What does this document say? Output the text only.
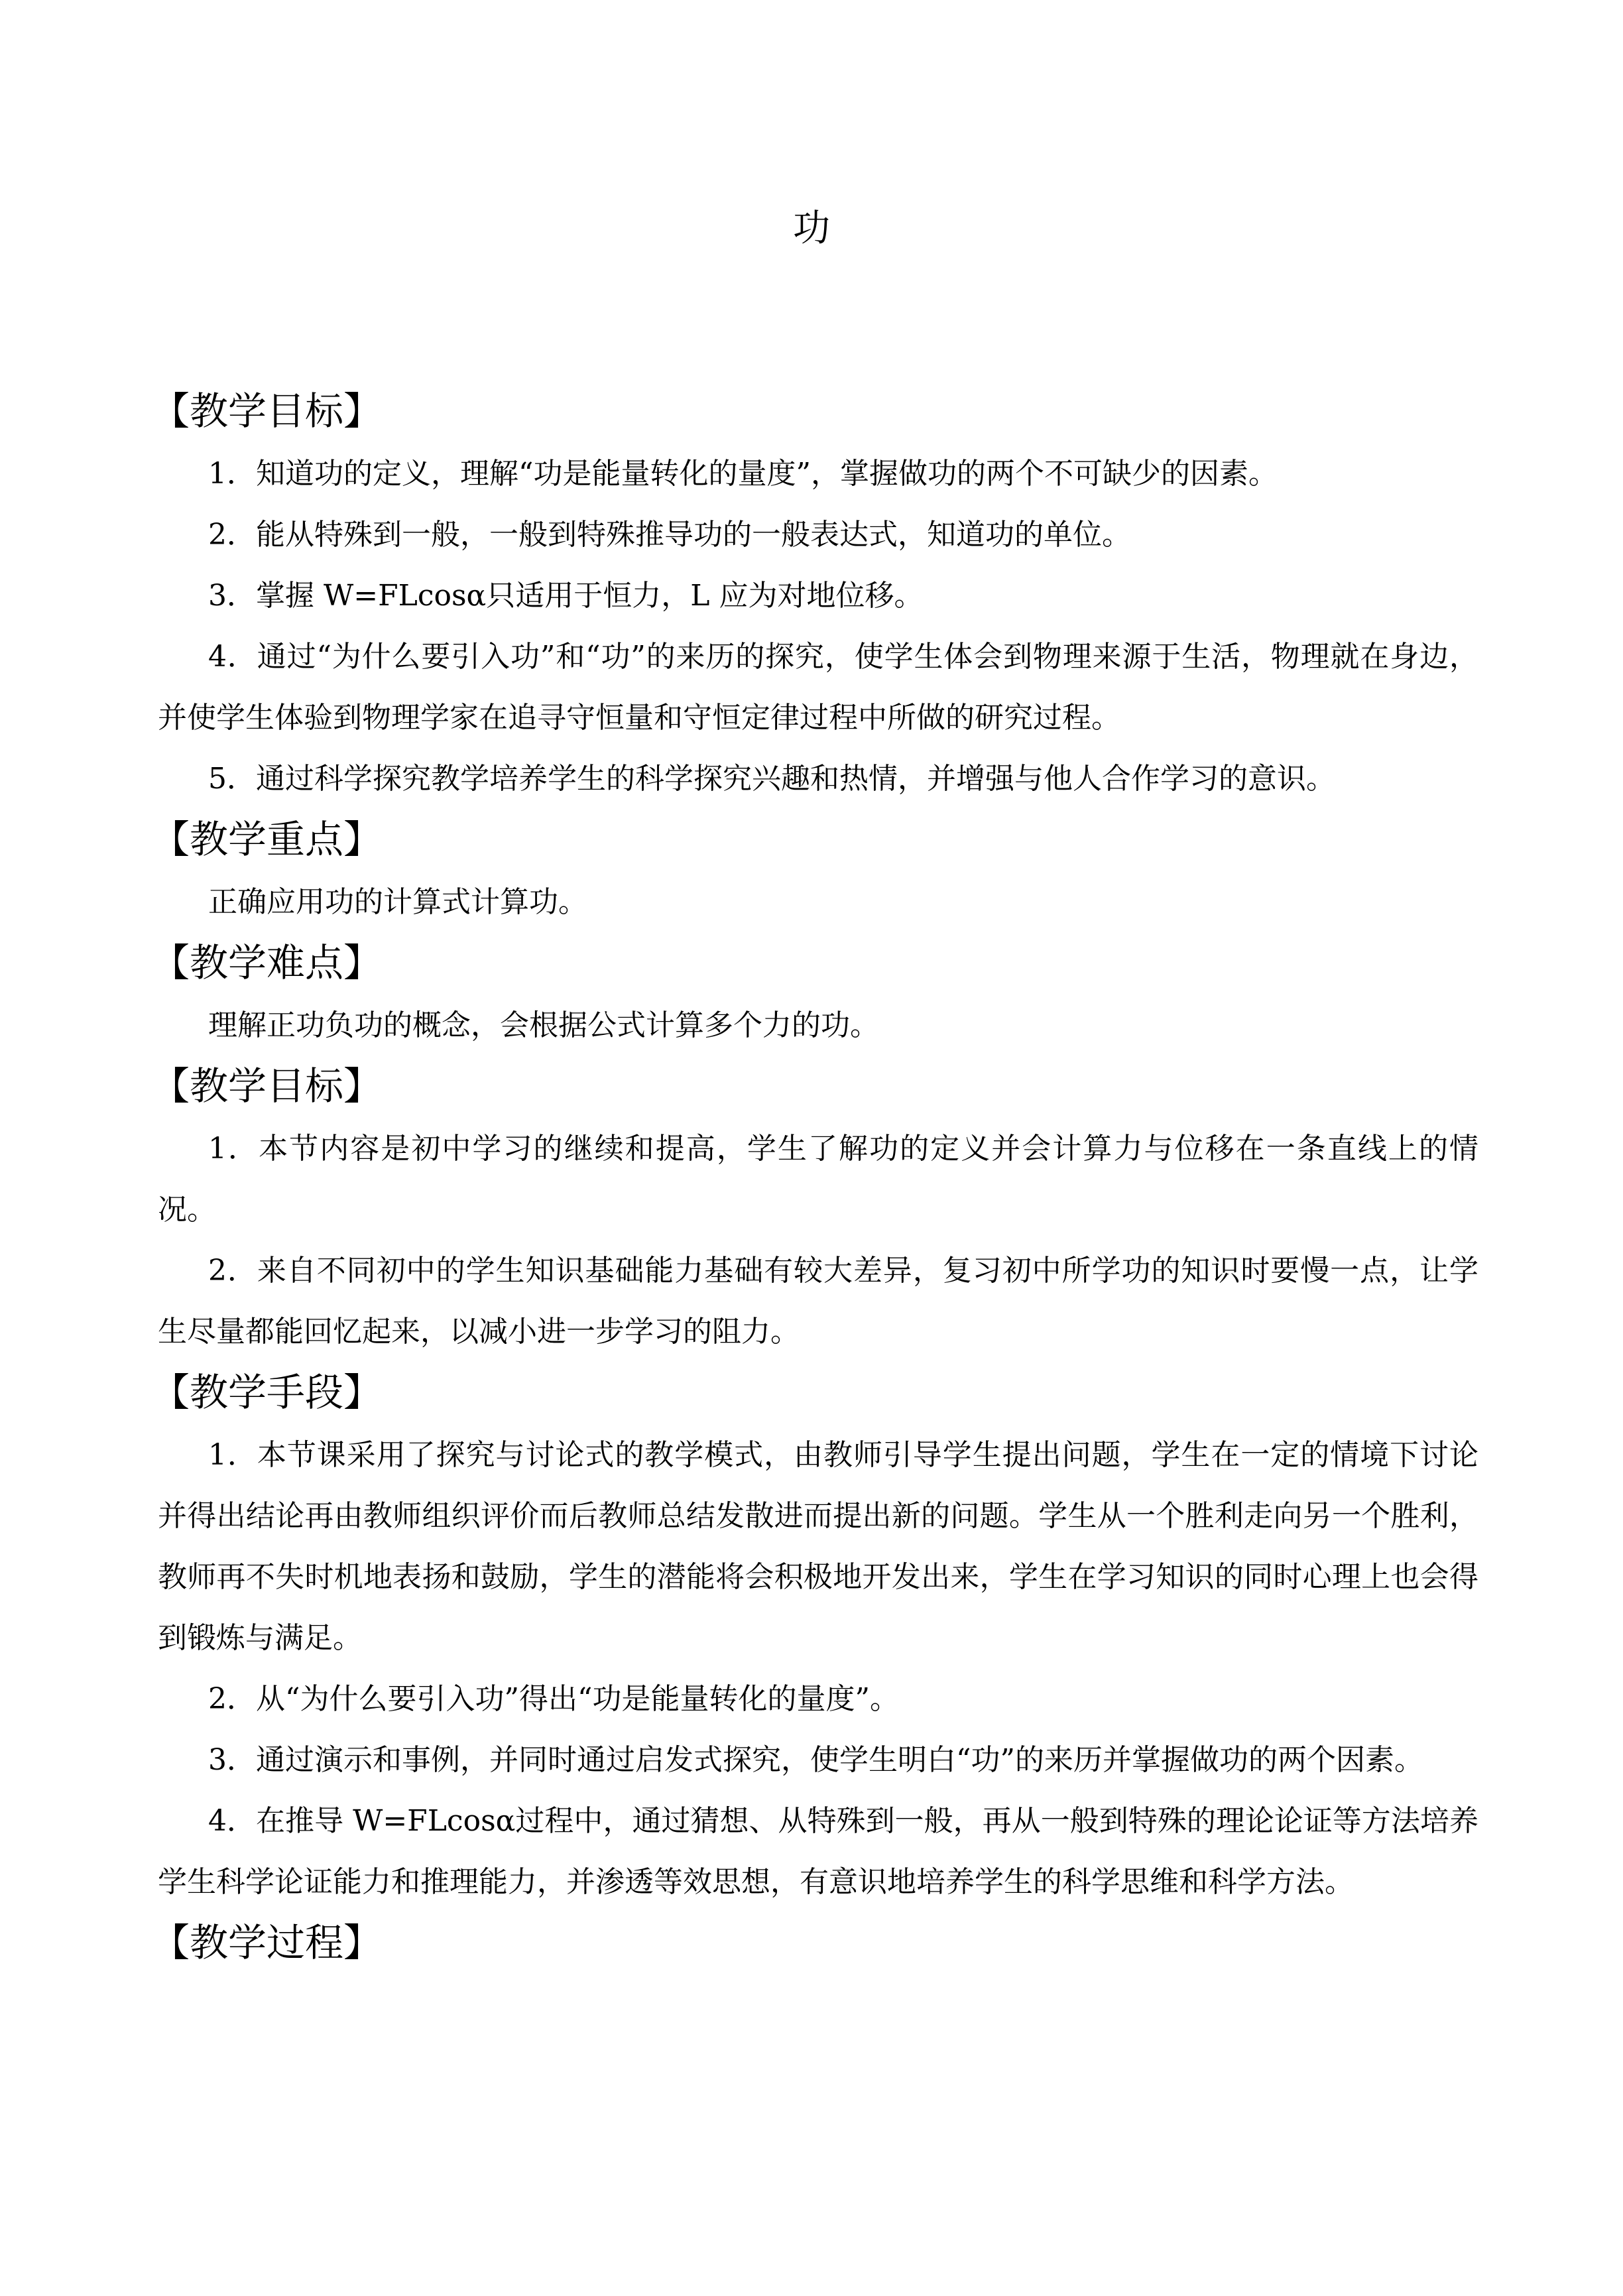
功
【教学目标】

1．知道功的定义，理解“功是能量转化的量度”，掌握做功的两个不可缺少的因素。

2．能从特殊到一般，一般到特殊推导功的一般表达式，知道功的单位。

3．掌握 W=FLcosα只适用于恒力，L 应为对地位移。

4．通过“为什么要引入功”和“功”的来历的探究，使学生体会到物理来源于生活，物理就在身边，并使学生体验到物理学家在追寻守恒量和守恒定律过程中所做的研究过程。

5．通过科学探究教学培养学生的科学探究兴趣和热情，并增强与他人合作学习的意识。

【教学重点】

正确应用功的计算式计算功。

【教学难点】

理解正功负功的概念，会根据公式计算多个力的功。

【教学目标】

1．本节内容是初中学习的继续和提高，学生了解功的定义并会计算力与位移在一条直线上的情况。

2．来自不同初中的学生知识基础能力基础有较大差异，复习初中所学功的知识时要慢一点，让学生尽量都能回忆起来，以减小进一步学习的阻力。

【教学手段】

1．本节课采用了探究与讨论式的教学模式，由教师引导学生提出问题，学生在一定的情境下讨论并得出结论再由教师组织评价而后教师总结发散进而提出新的问题。学生从一个胜利走向另一个胜利，教师再不失时机地表扬和鼓励，学生的潜能将会积极地开发出来，学生在学习知识的同时心理上也会得到锻炼与满足。

2．从“为什么要引入功”得出“功是能量转化的量度”。

3．通过演示和事例，并同时通过启发式探究，使学生明白“功”的来历并掌握做功的两个因素。

4．在推导 W=FLcosα过程中，通过猜想、从特殊到一般，再从一般到特殊的理论论证等方法培养学生科学论证能力和推理能力，并渗透等效思想，有意识地培养学生的科学思维和科学方法。

【教学过程】
